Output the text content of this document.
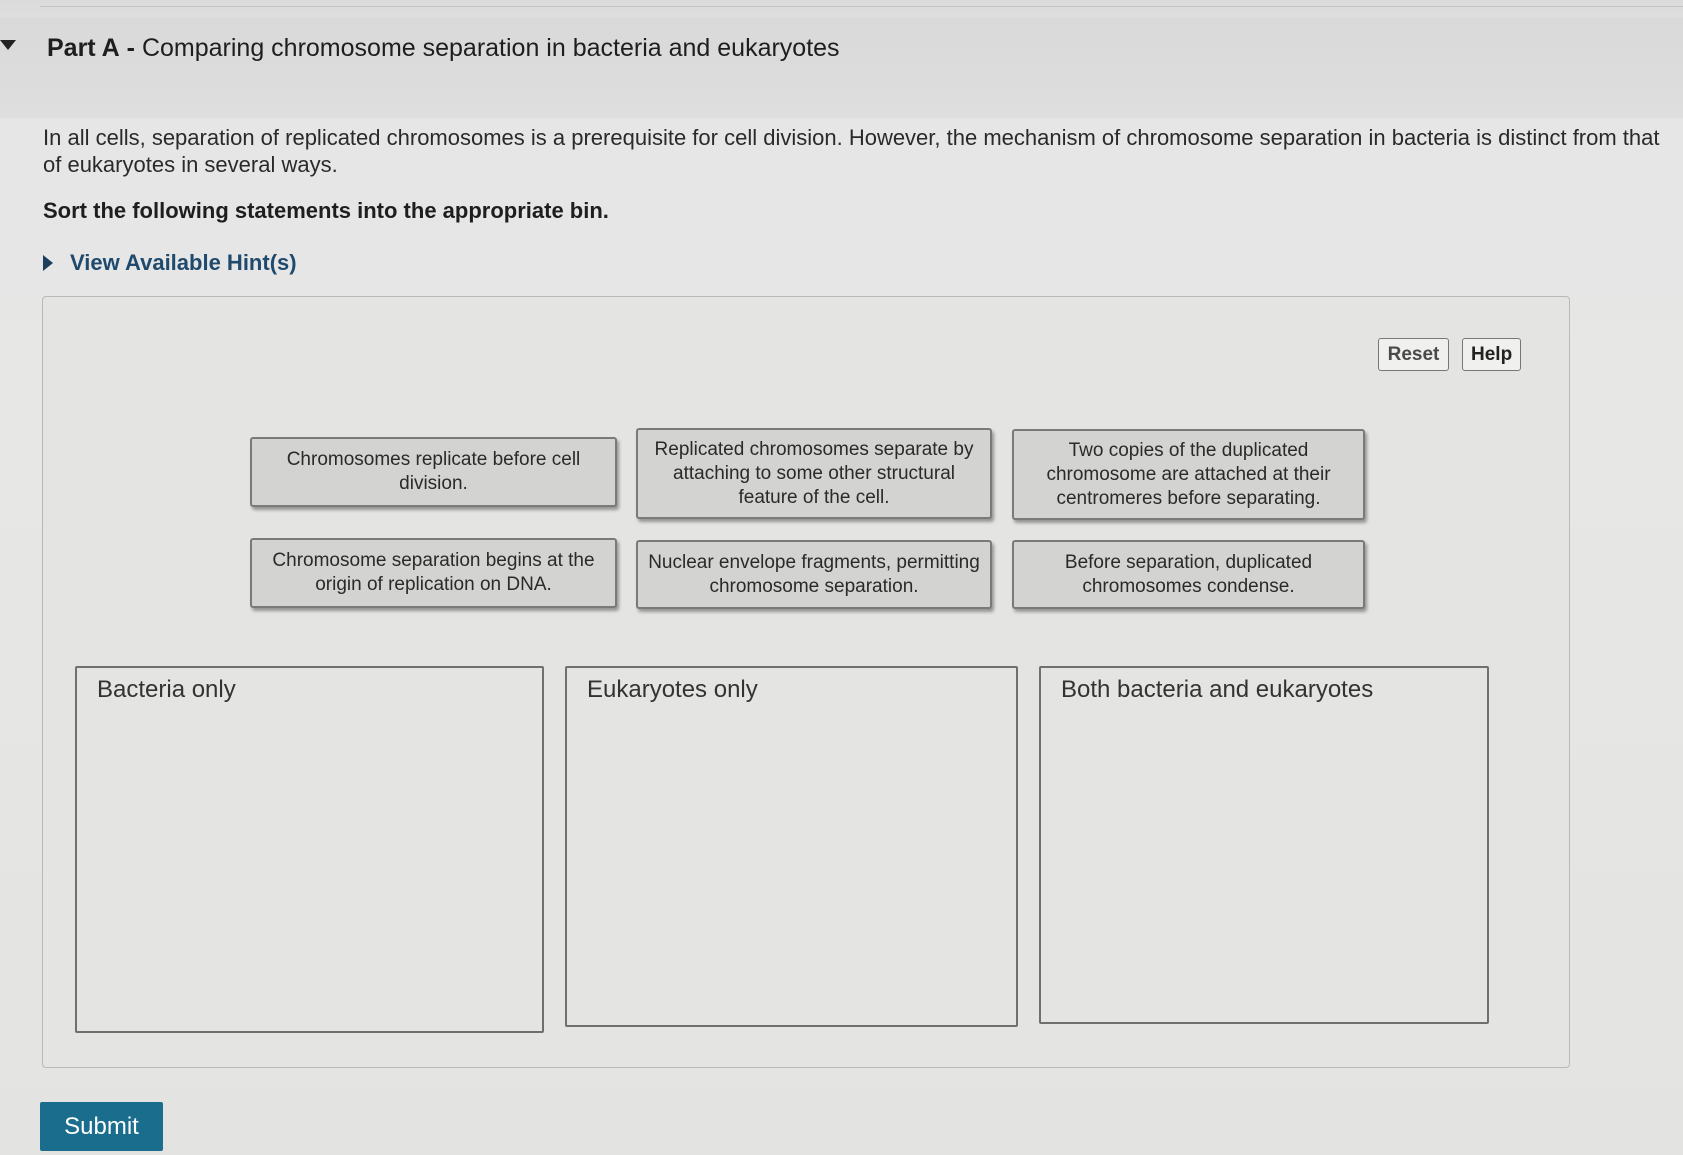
Part A - Comparing chromosome separation in bacteria and eukaryotes
In all cells, separation of replicated chromosomes is a prerequisite for cell division. However, the mechanism of chromosome separation in bacteria is distinct from that of eukaryotes in several ways.
Sort the following statements into the appropriate bin.
View Available Hint(s)
Reset	Help
Chromosomes replicate before cell division.
Replicated chromosomes separate by attaching to some other structural feature of the cell.
Two copies of the duplicated chromosome are attached at their centromeres before separating.
Chromosome separation begins at the origin of replication on DNA.
Nuclear envelope fragments, permitting chromosome separation.
Before separation, duplicated chromosomes condense.
Bacteria only	Eukaryotes only	Both bacteria and eukaryotes
Submit
